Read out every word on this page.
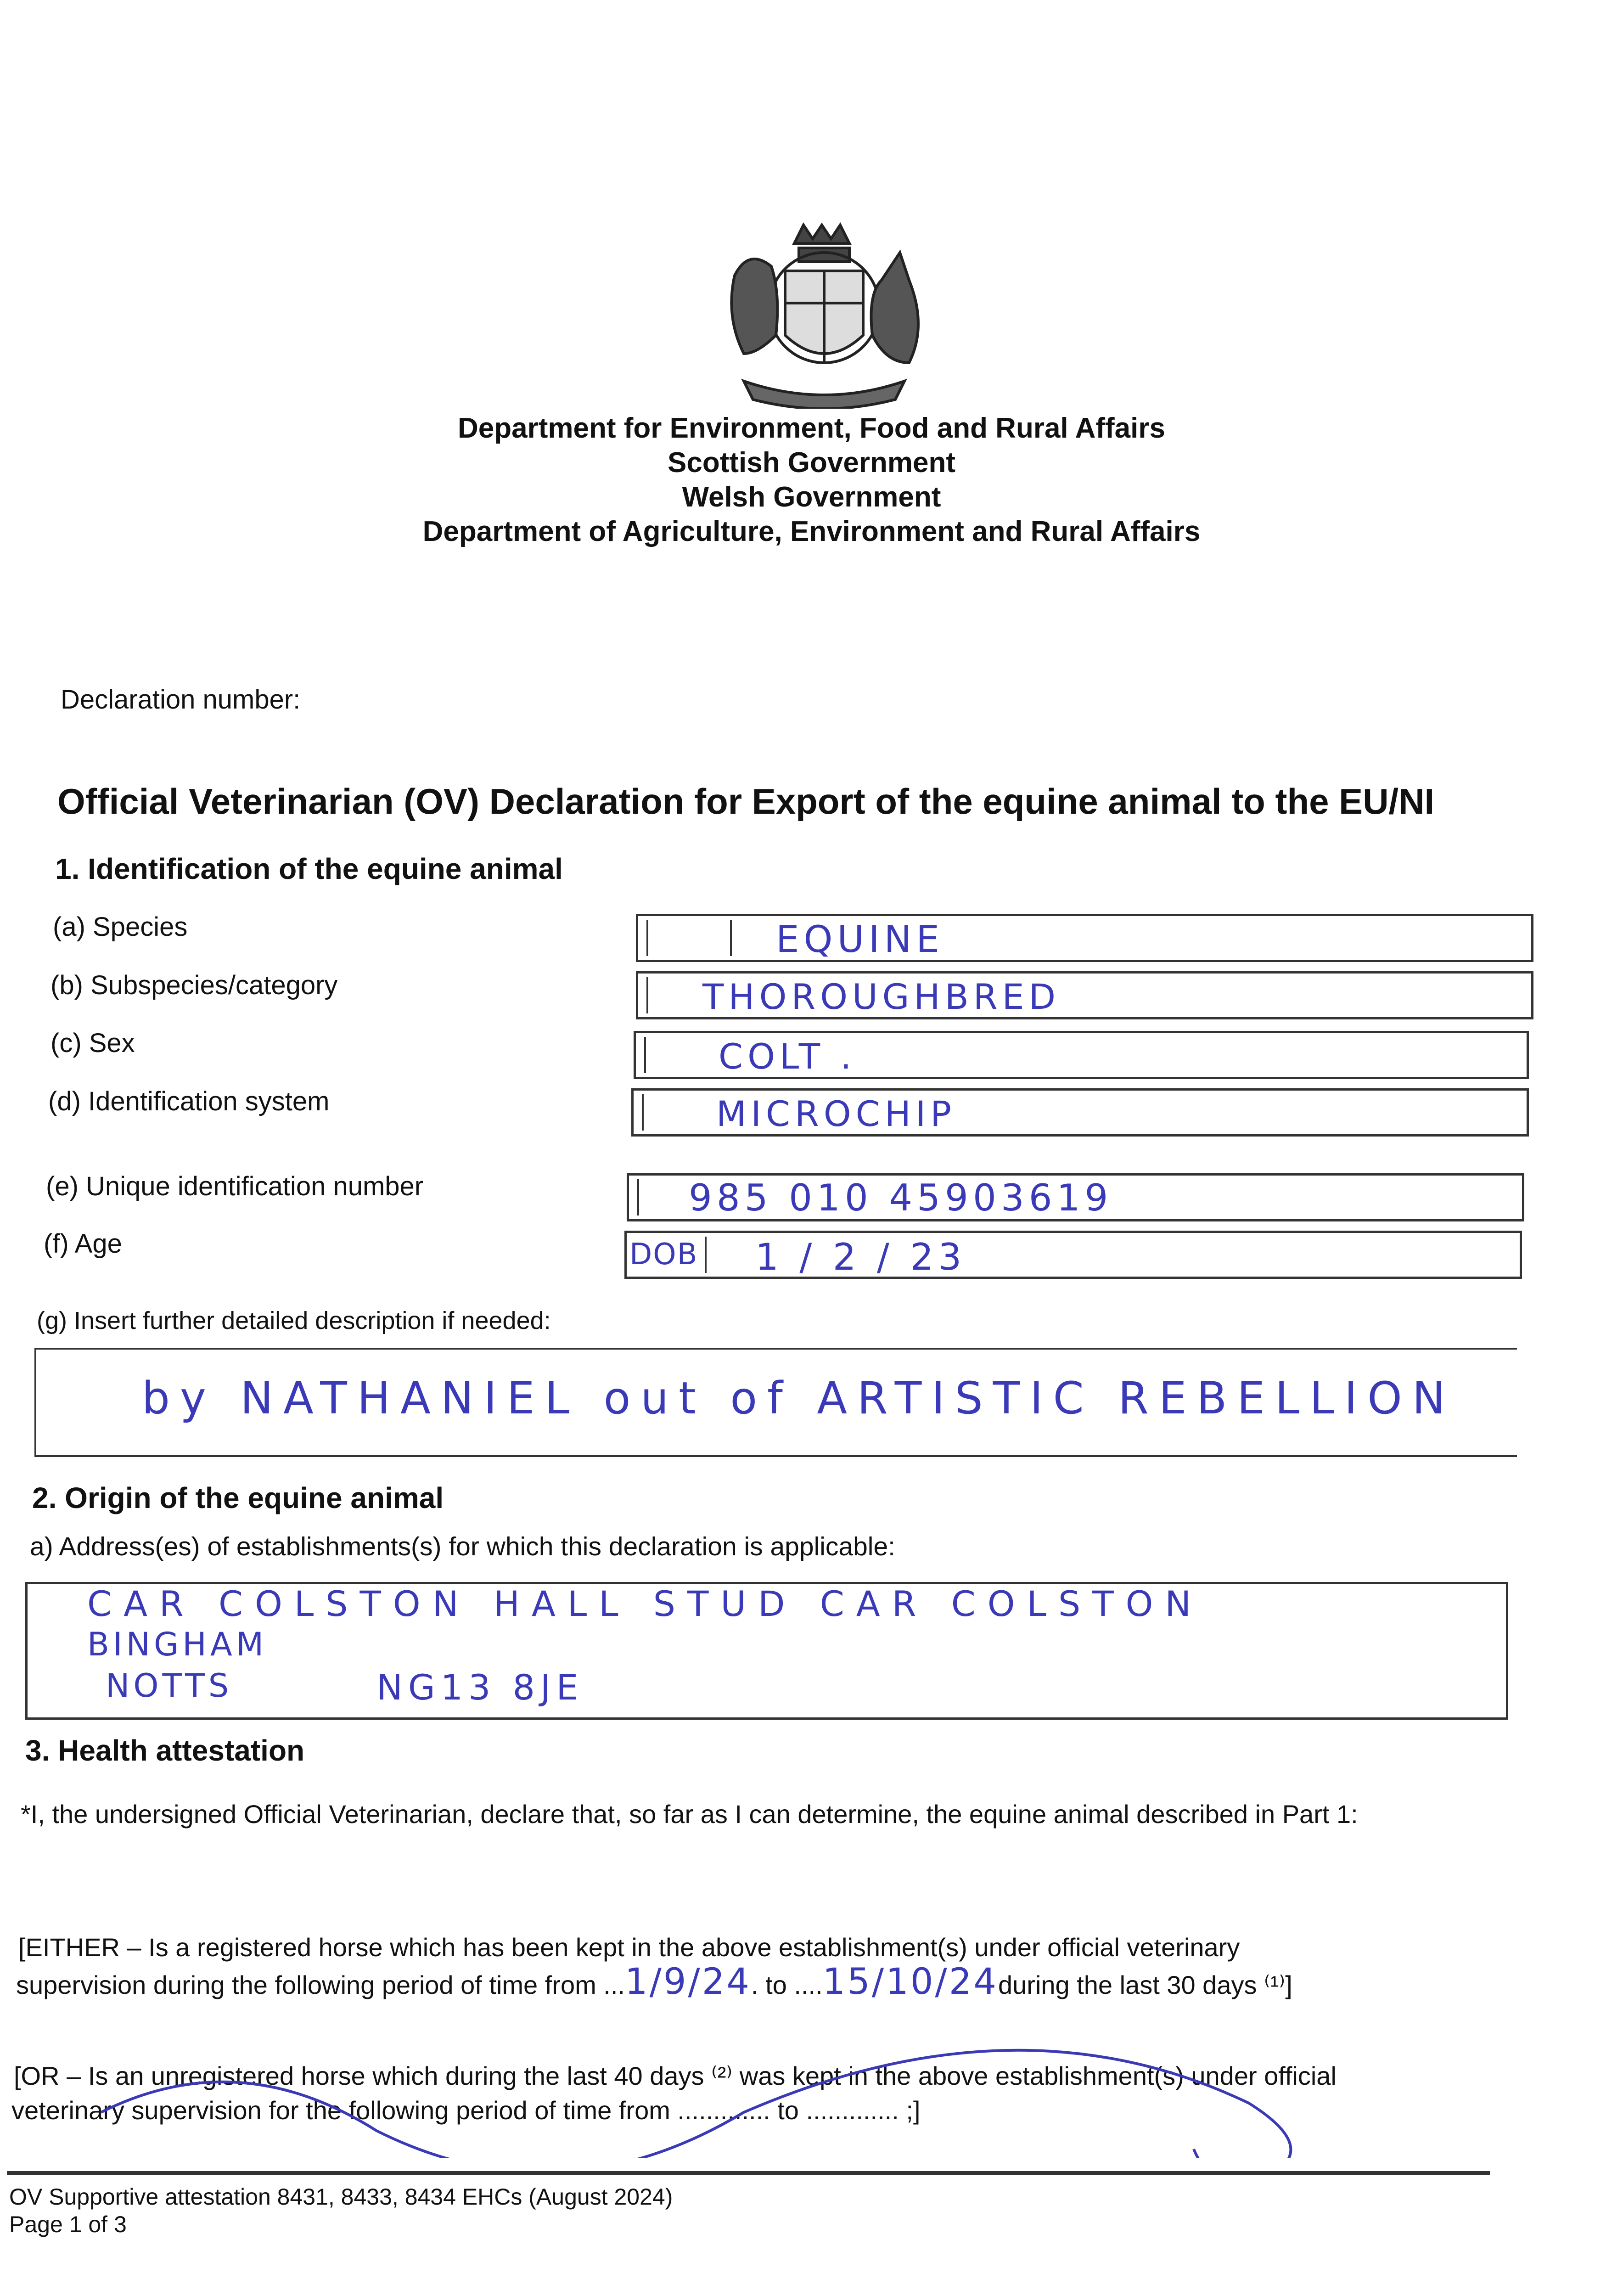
Department for Environment, Food and Rural Affairs
Scottish Government
Welsh Government
Department of Agriculture, Environment and Rural Affairs
Declaration number:
Official Veterinarian (OV) Declaration for Export of the equine animal to the EU/NI
1. Identification of the equine animal
(a) Species	EQUINE
(b) Subspecies/category	THOROUGHBRED
(c) Sex	COLT .
(d) Identification system	MICROCHIP
(e) Unique identification number	985 010 45903619
(f) Age	DOB 1 / 2 / 23
(g) Insert further detailed description if needed:
by NATHANIEL out of ARTISTIC REBELLION
2. Origin of the equine animal
a) Address(es) of establishments(s) for which this declaration is applicable:
CAR COLSTON HALL STUD CAR COLSTON
BINGHAM
NOTTS	NG13 8JE
3. Health attestation
*I, the undersigned Official Veterinarian, declare that, so far as I can determine, the equine animal described in Part 1:
[EITHER – Is a registered horse which has been kept in the above establishment(s) under official veterinary
supervision during the following period of time from ...1/9/24. to ....15/10/24during the last 30 days ⁽¹⁾]
[OR – Is an unregistered horse which during the last 40 days ⁽²⁾ was kept in the above establishment(s) under official
veterinary supervision for the following period of time from ............. to ............. ;]
OV Supportive attestation 8431, 8433, 8434 EHCs (August 2024)
Page 1 of 3
